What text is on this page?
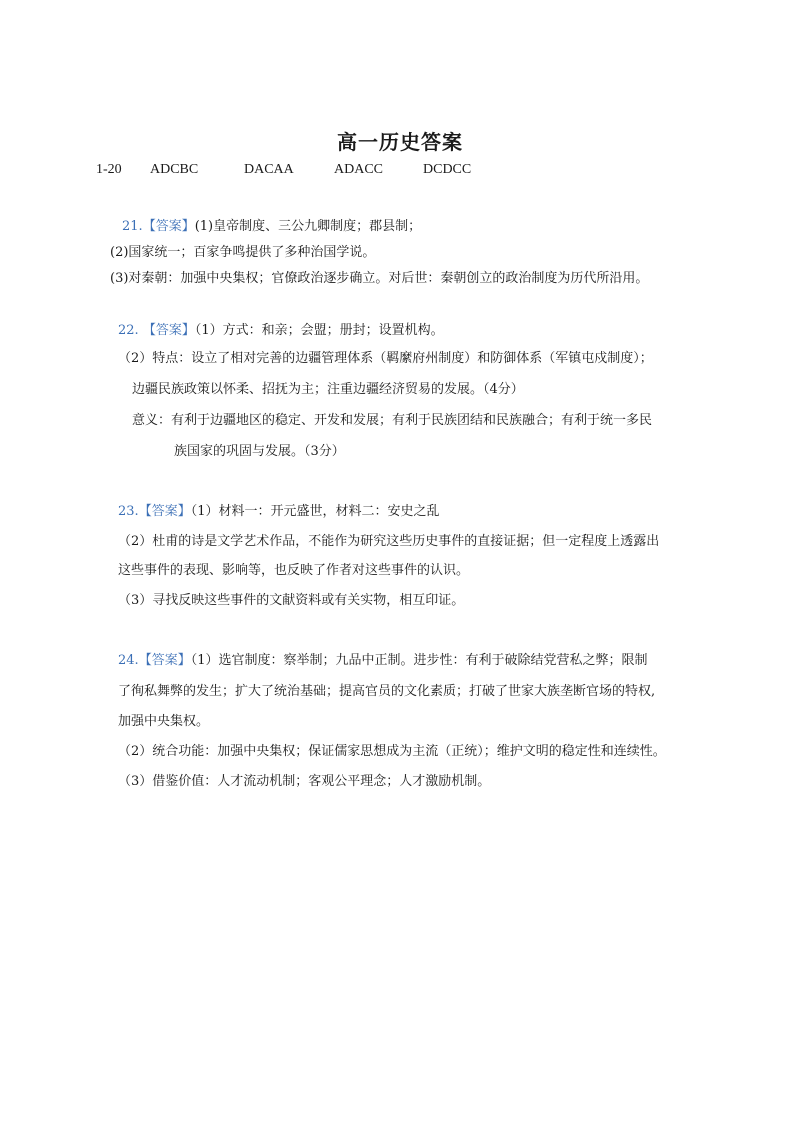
高一历史答案
1-20 ADCBC	DACAA	ADACC	DCDCC
21.【答案】(1)皇帝制度、三公九卿制度；郡县制；
(2)国家统一；百家争鸣提供了多种治国学说。
(3)对秦朝：加强中央集权；官僚政治逐步确立。对后世：秦朝创立的政治制度为历代所沿用。
22. 【答案】（1）方式：和亲；会盟；册封；设置机构。
（2）特点：设立了相对完善的边疆管理体系（羁縻府州制度）和防御体系（军镇屯戍制度）；
边疆民族政策以怀柔、招抚为主；注重边疆经济贸易的发展。（4分）
意义：有利于边疆地区的稳定、开发和发展；有利于民族团结和民族融合；有利于统一多民
族国家的巩固与发展。（3分）
23.【答案】（1）材料一：开元盛世，材料二：安史之乱
（2）杜甫的诗是文学艺术作品，不能作为研究这些历史事件的直接证据；但一定程度上透露出
这些事件的表现、影响等，也反映了作者对这些事件的认识。
（3）寻找反映这些事件的文献资料或有关实物，相互印证。
24.【答案】（1）选官制度：察举制；九品中正制。进步性：有利于破除结党营私之弊；限制
了徇私舞弊的发生；扩大了统治基础；提高官员的文化素质；打破了世家大族垄断官场的特权,
加强中央集权。
（2）统合功能：加强中央集权；保证儒家思想成为主流（正统）；维护文明的稳定性和连续性。
（3）借鉴价值：人才流动机制；客观公平理念；人才激励机制。
